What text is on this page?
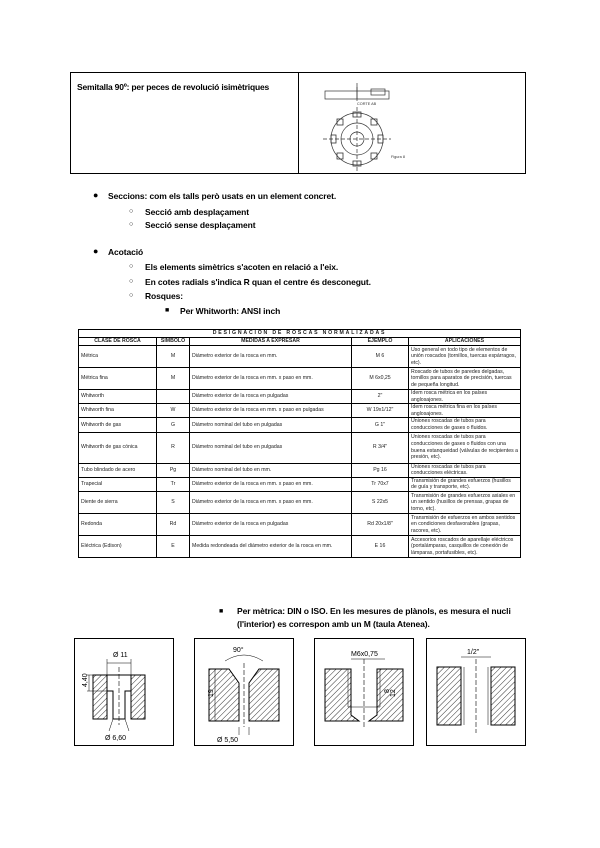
Semitalla 90º: per peces de revolució isimètriques
CORTE AB
Figura 8
● Seccions: com els talls però usats en un element concret.
○ Secció amb desplaçament
○ Secció sense desplaçament
● Acotació
○ Els elements simètrics s'acoten en relació a l'eix.
○ En cotes radials s'indica R quan el centre és desconegut.
○ Rosques:
■ Per Whitworth: ANSI inch
DESIGNACION DE ROSCAS NORMALIZADAS				
CLASE DE ROSCA	SIMBOLO	MEDIDAS A EXPRESAR	EJEMPLO	APLICACIONES
Métrica	M	Diámetro exterior de la rosca en mm.	M 6	Uso general en todo tipo de elementos de unión roscados (tornillos, tuercas espárragos, etc).
Métrica fina	M	Diámetro exterior de la rosca en mm. x paso en mm.	M 6x0,25	Roscado de tubos de paredes delgadas, tornillos para aparatos de precisión, tuercas de pequeña longitud.
Whitworth		Diámetro exterior de la rosca en pulgadas	2"	Idem rosca métrica en los países anglosajones.
Whitworth fina	W	Diámetro exterior de la rosca en mm. x paso en pulgadas	W 19x1/12"	Idem rosca métrica fina en los países anglosajones.
Whitworth de gas	G	Diámetro nominal del tubo en pulgadas	G 1"	Uniones roscadas de tubos para conducciones de gases o fluidos.
Whitworth de gas cónica	R	Diámetro nominal del tubo en pulgadas	R 3/4"	Uniones roscadas de tubos para conducciones de gases o fluidos con una buena estanqueidad (válvulas de recipientes a presión, etc).
Tubo blindado de acero	Pg	Diámetro nominal del tubo en mm.	Pg 16	Uniones roscadas de tubos para conducciones eléctricas.
Trapecial	Tr	Diámetro exterior de la rosca en mm. x paso en mm.	Tr 70x7	Transmisión de grandes esfuerzos (husillos de guía y transporte, etc).
Diente de sierra	S	Diámetro exterior de la rosca en mm. x paso en mm.	S 22x5	Transmisión de grandes esfuerzos axiales en un sentido (husillos de prensas, grapas de torno, etc).
Redonda	Rd	Diámetro exterior de la rosca en pulgadas	Rd 20x1/8"	Transmisión de esfuerzos en ambos sentidos en condiciones desfavorables (grapas, racores, etc).
Eléctrica (Edison)	E	Medida redondeada del diámetro exterior de la rosca en mm.	E 16	Accesorios roscados de aparellaje eléctricos (portalámparas, casquillos de conexión de lámparas, portafusibles, etc).
■ Per mètrica: DIN o ISO. En les mesures de plànols, es mesura el nucli (l'interior) es correspon amb un M (taula Atenea).
Ø 11
4,40
Ø 6,60
90°
19
Ø 5,50
M6x0,75
8 12
1/2"
